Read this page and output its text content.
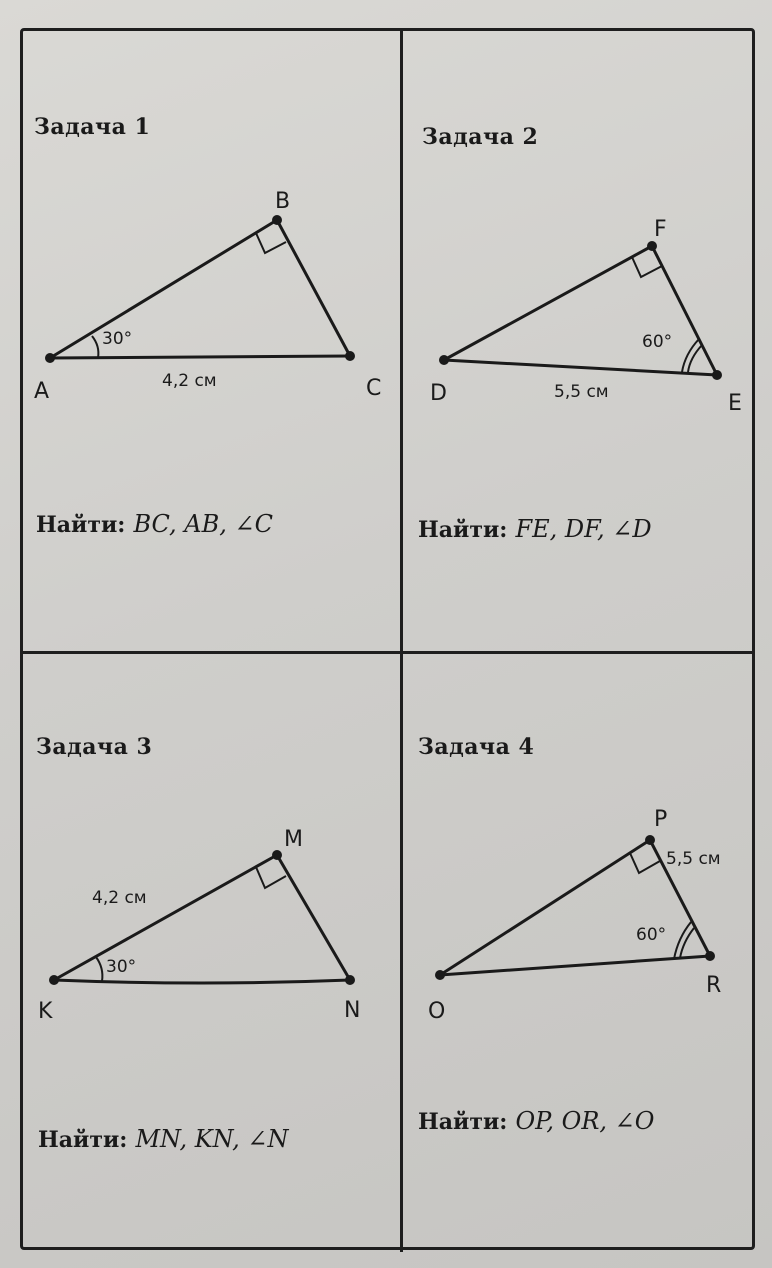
Задача 1
A
B
C
30°
4,2 см
Найти: BC, AB, ∠C
Задача 2
F
D	E
60°
5,5 см
Найти: FE, DF, ∠D
Задача 3
M
K	N
30°
4,2 см
Найти: MN, KN, ∠N
Задача 4
P
O
R
60°
5,5 см
Найти: OP, OR, ∠O
